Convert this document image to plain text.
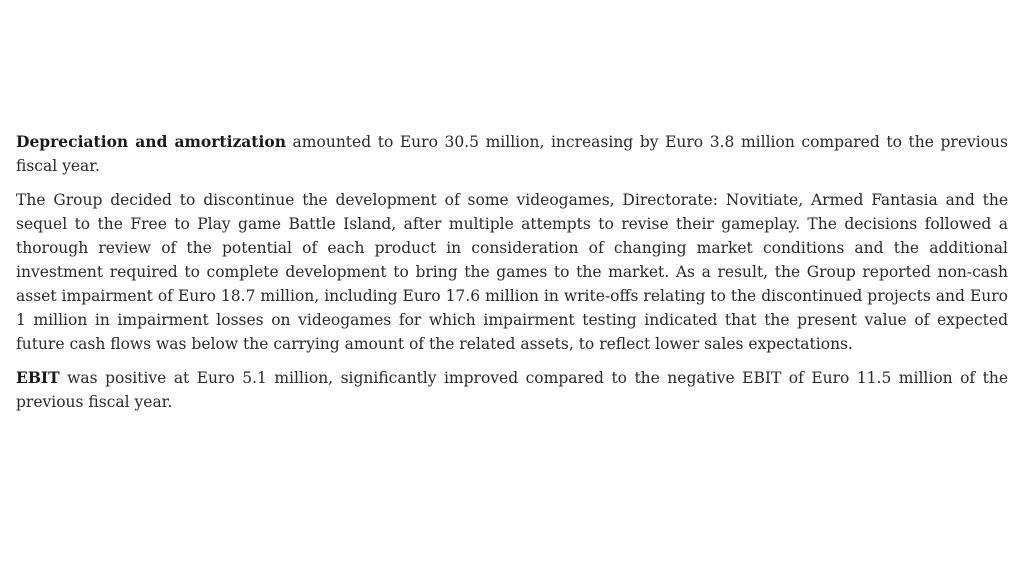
Depreciation and amortization amounted to Euro 30.5 million, increasing by Euro 3.8 million compared to the previous fiscal year.

The Group decided to discontinue the development of some videogames, Directorate: Novitiate, Armed Fantasia and the sequel to the Free to Play game Battle Island, after multiple attempts to revise their gameplay. The decisions followed a thorough review of the potential of each product in consideration of changing market conditions and the additional investment required to complete development to bring the games to the market. As a result, the Group reported non-cash asset impairment of Euro 18.7 million, including Euro 17.6 million in write-offs relating to the discontinued projects and Euro 1 million in impairment losses on videogames for which impairment testing indicated that the present value of expected future cash flows was below the carrying amount of the related assets, to reflect lower sales expectations.

EBIT was positive at Euro 5.1 million, significantly improved compared to the negative EBIT of Euro 11.5 million of the previous fiscal year.
